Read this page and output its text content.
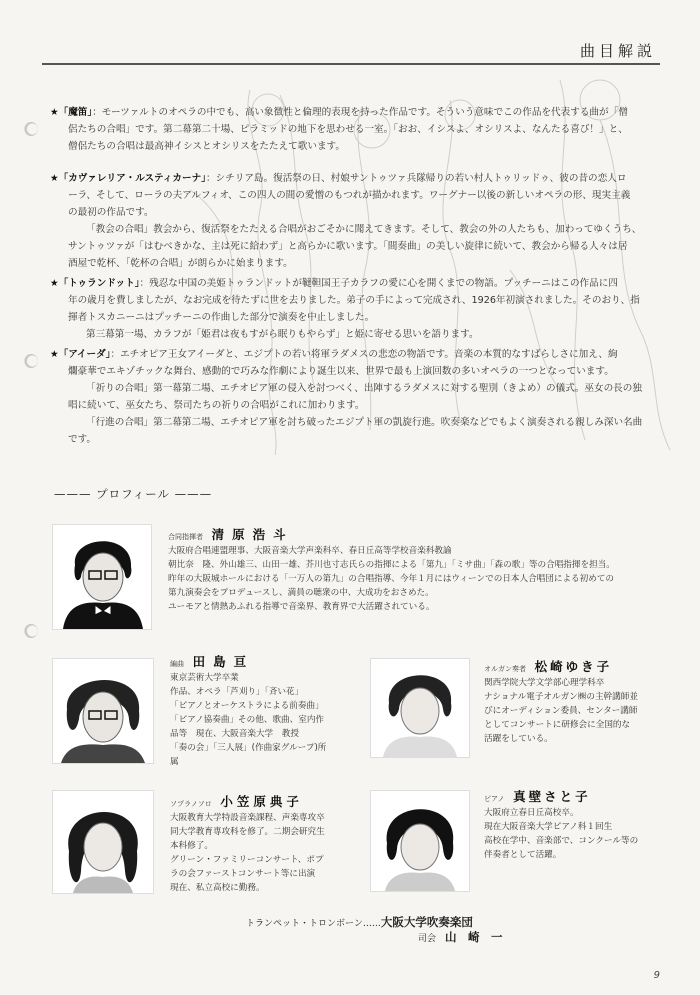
曲目解説

★「魔笛」：モーツァルトのオペラの中でも、高い象徴性と倫理的表現を持った作品です。そういう意味でこの作品を代表する曲が「僧

侶たちの合唱」です。第二幕第二十場、ピラミッドの地下を思わせる一室。「おお、イシスよ、オシリスよ、なんたる喜び！」と、

僧侶たちの合唱は最高神イシスとオシリスをたたえて歌います。

★「カヴァレリア・ルスティカーナ」：シチリア島。復活祭の日、村娘サントゥツァ兵隊帰りの若い村人トゥリッドゥ、彼の昔の恋人ロ

ーラ、そして、ローラの夫アルフィオ、この四人の間の愛憎のもつれが描かれます。ワーグナー以後の新しいオペラの形、現実主義

の最初の作品です。

「教会の合唱」教会から、復活祭をたたえる合唱がおごそかに聞えてきます。そして、教会の外の人たちも、加わってゆくうち、

サントゥツァが「はむべきかな、主は死に給わず」と高らかに歌います。「間奏曲」の美しい旋律に続いて、教会から帰る人々は居

酒屋で乾杯、「乾杯の合唱」が朗らかに始まります。

★「トゥランドット」：残忍な中国の美姫トゥランドットが韃靼国王子カラフの愛に心を開くまでの物語。プッチーニはこの作品に四

年の歳月を費しましたが、なお完成を待たずに世を去りました。弟子の手によって完成され、1926年初演されました。そのおり、指

揮者トスカニーニはプッチーニの作曲した部分で演奏を中止しました。

第三幕第一場、カラフが「姫君は夜もすがら眠りもやらず」と姫に寄せる思いを語ります。

★「アイーダ」：エチオピア王女アイーダと、エジプトの若い将軍ラダメスの悲恋の物語です。音楽の本質的なすばらしさに加え、絢

爛豪華でエキゾチックな舞台、感動的で巧みな作劇により誕生以来、世界で最も上演回数の多いオペラの一つとなっています。

「祈りの合唱」第一幕第二場、エチオピア軍の侵入を討つべく、出陣するラダメスに対する聖別（きよめ）の儀式。巫女の長の独

唱に続いて、巫女たち、祭司たちの祈りの合唱がこれに加わります。

「行進の合唱」第二幕第二場、エチオピア軍を討ち破ったエジプト軍の凱旋行進。吹奏楽などでもよく演奏される親しみ深い名曲

です。

——— プロフィール ———

合同指揮者　 清原浩斗

大阪府合唱連盟理事、大阪音楽大学声楽科卒、春日丘高等学校音楽科教諭

朝比奈　隆、外山雄三、山田一雄、芥川也寸志氏らの指揮による「第九」「ミサ曲」「森の歌」等の合唱指揮を担当。

昨年の大阪城ホールにおける「一万人の第九」の合唱指導、今年１月にはウィーンでの日本人合唱団による初めての

第九演奏会をプロデュースし、満員の聴衆の中、大成功をおさめた。

ユーモアと情熱あふれる指導で音楽界、教育界で大活躍されている。

編曲　 田島亘

東京芸術大学卒業

作品、オペラ「芦刈り」「斉い花」

「ピアノとオーケストラによる前奏曲」

「ピアノ協奏曲」その他、歌曲、室内作

品等　現在、大阪音楽大学　教授

「奏の会」「三人展」(作曲家グループ)所

属

オルガン奏者　 松崎ゆき子

関西学院大学文学部心理学科卒

ナショナル電子オルガン㈱の主幹講師並

びにオーディション委員、センター講師

としてコンサートに研修会に全国的な

活躍をしている。

ソプラノソロ　 小笠原典子

大阪教育大学特設音楽課程、声楽専攻卒

同大学教育専攻科を修了。二期会研究生

本科修了。

グリーン・ファミリーコンサート、ポプ

ラの会ファーストコンサート等に出演

現在、私立高校に勤務。

ピアノ　 真壁さと子

大阪府立春日丘高校卒。

現在大阪音楽大学ピアノ科１回生

高校在学中、音楽部で、コンクール等の

伴奏者として活躍。

トランペット・トロンボーン……大阪大学吹奏楽団
司会　 山　崎　一
9
